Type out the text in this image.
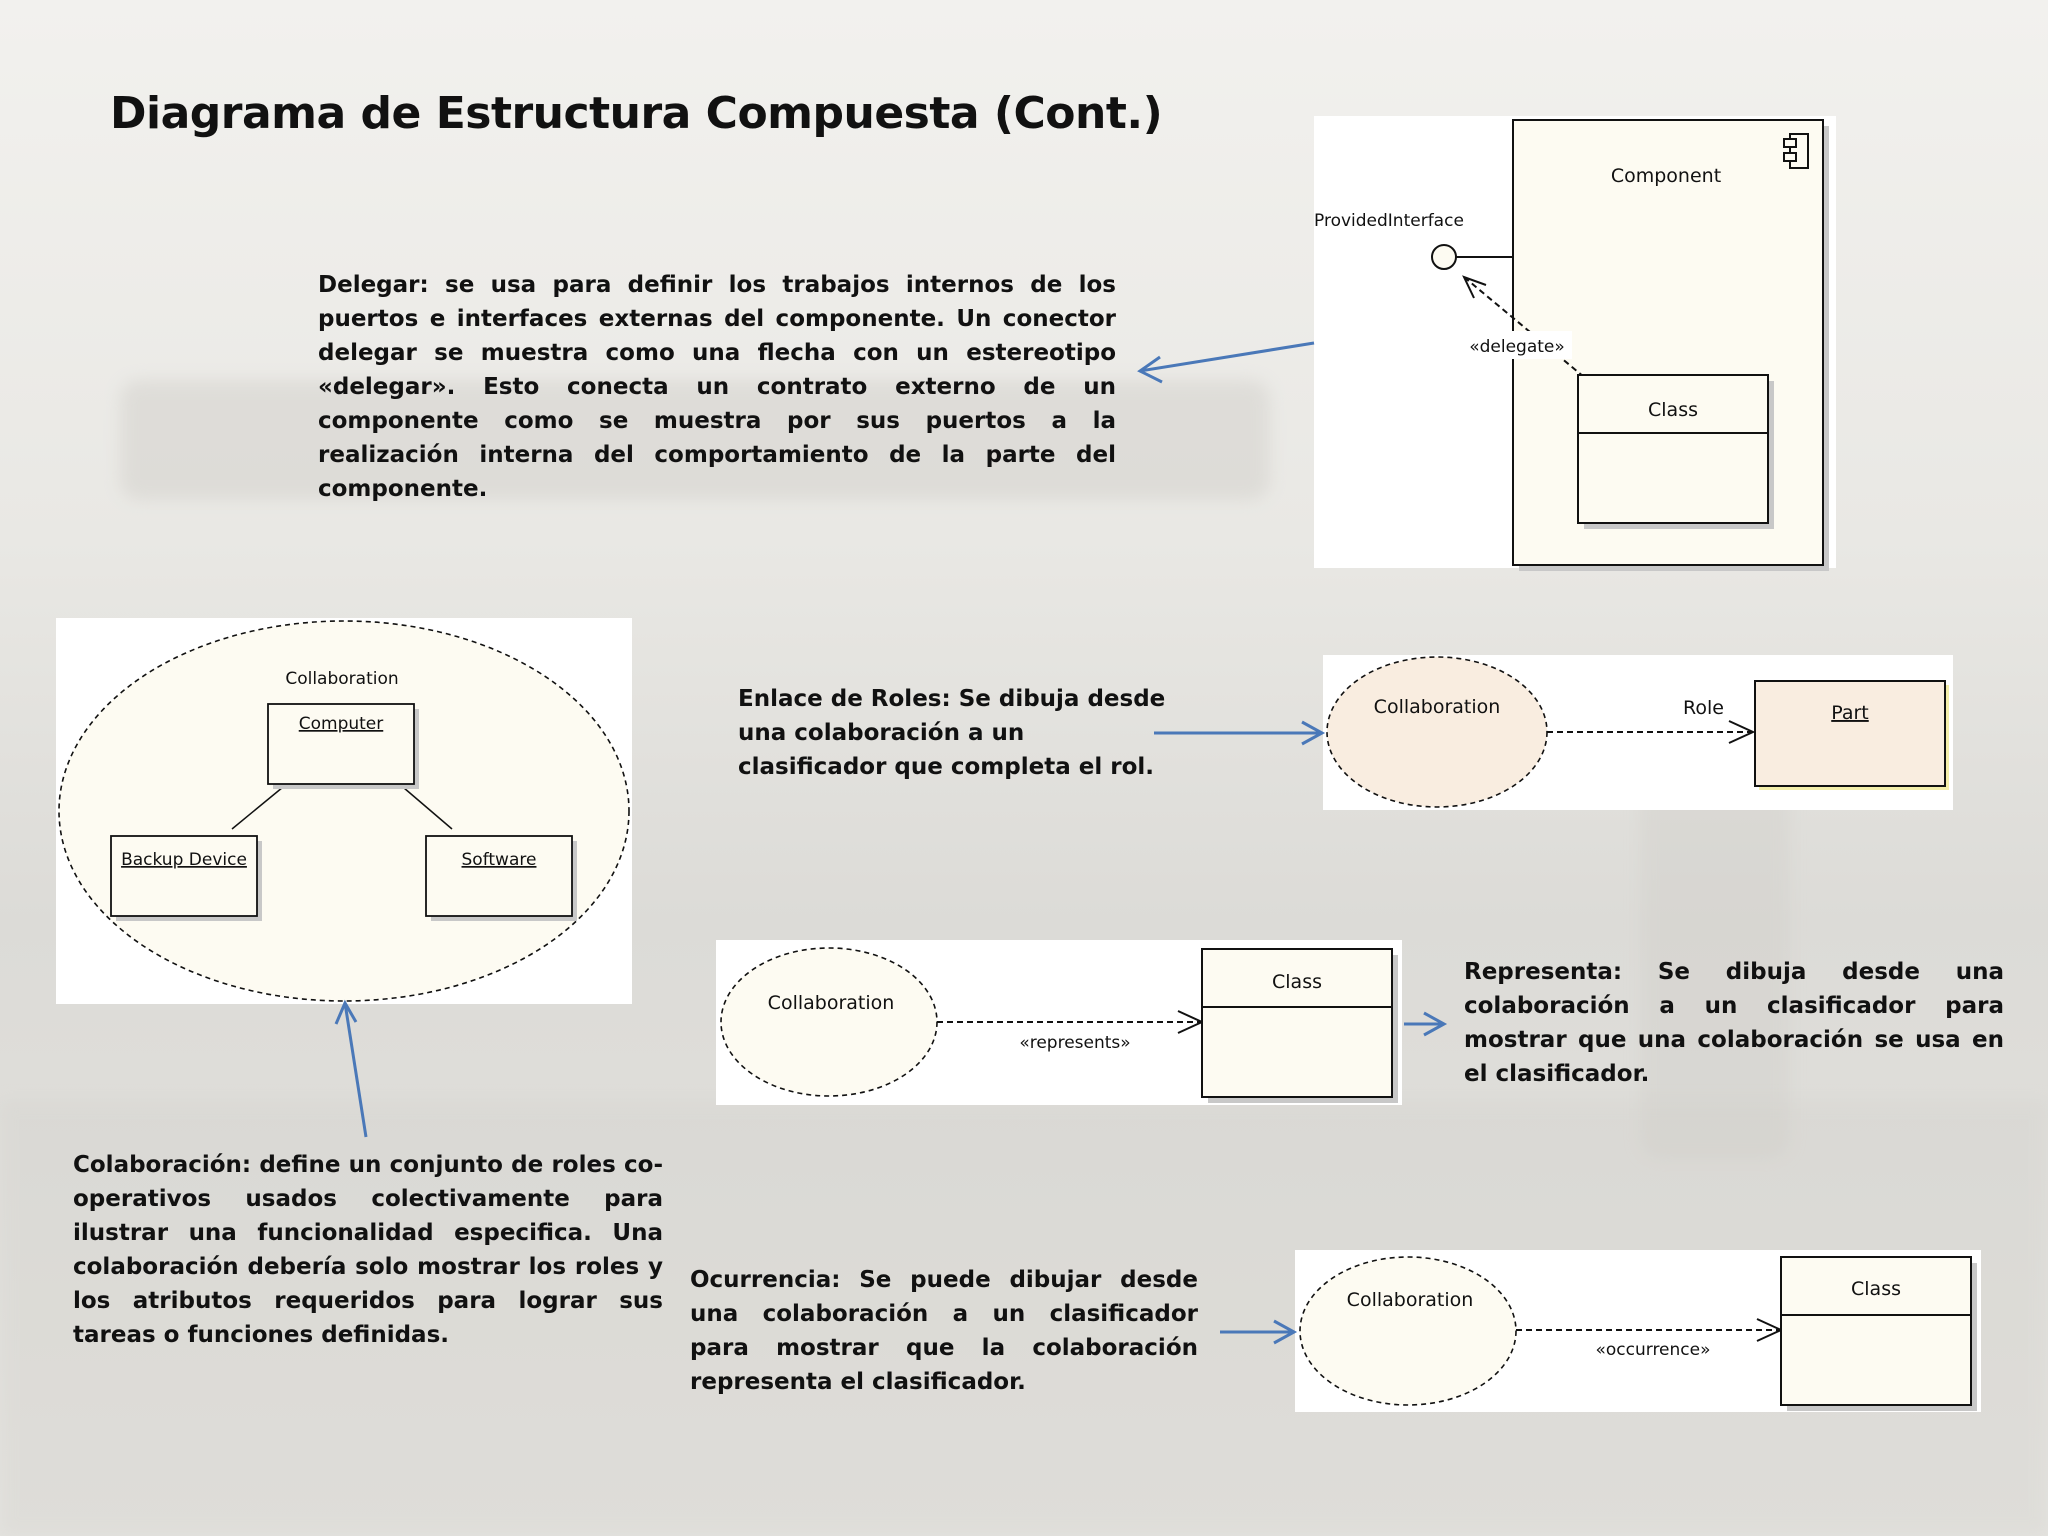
Diagrama de Estructura Compuesta (Cont.)
Delegar: se usa para definir los trabajos internos de los puertos e interfaces externas del componente. Un conector delegar se muestra como una flecha con un estereotipo «delegar». Esto conecta un contrato externo de un componente como se muestra por sus puertos a la realización interna del comportamiento de la parte del componente.
Enlace de Roles: Se dibuja desde una colaboración a un clasificador que completa el rol.
Representa: Se dibuja desde una colaboración a un clasificador para mostrar que una colaboración se usa en el clasificador.
Colaboración: define un conjunto de roles co-operativos usados colectivamente para ilustrar una funcionalidad especifica. Una colaboración debería solo mostrar los roles y los atributos requeridos para lograr sus tareas o funciones definidas.
Ocurrencia: Se puede dibujar desde una colaboración a un clasificador para mostrar que la colaboración representa el clasificador.
Component
ProvidedInterface
«delegate»
Class
Collaboration
Computer
Backup Device	Software
Collaboration	Role	Part
Collaboration
«represents»
Class
Collaboration
«occurrence»
Class
